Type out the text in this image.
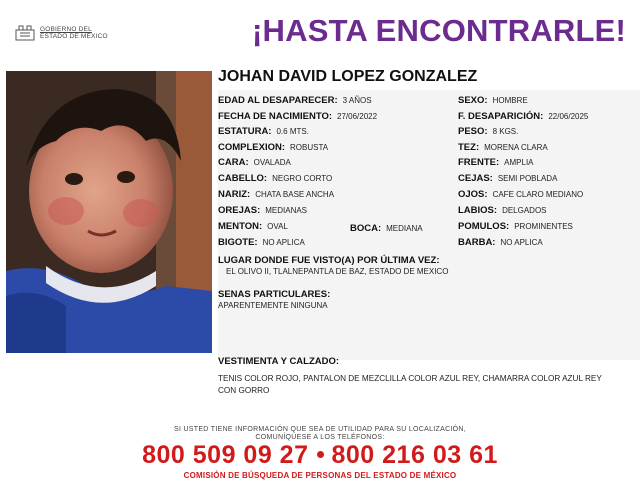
GOBIERNO DEL
ESTADO DE MÉXICO	¡HASTA ENCONTRARLE!
JOHAN DAVID LOPEZ GONZALEZ
EDAD AL DESAPARECER: 3 AÑOS	SEXO: HOMBRE
FECHA DE NACIMIENTO: 27/06/2022	F. DESAPARICIÓN: 22/06/2025
ESTATURA: 0.6 MTS.	PESO: 8 KGS.
COMPLEXION: ROBUSTA	TEZ: MORENA CLARA
CARA: OVALADA	FRENTE: AMPLIA
CABELLO: NEGRO CORTO	CEJAS: SEMI POBLADA
NARIZ: CHATA BASE ANCHA	OJOS: CAFE CLARO MEDIANO
OREJAS: MEDIANAS	LABIOS: DELGADOS
MENTON: OVAL	BOCA: MEDIANA	POMULOS: PROMINENTES
BIGOTE: NO APLICA	BARBA: NO APLICA
LUGAR DONDE FUE VISTO(A) POR ÚLTIMA VEZ:
EL OLIVO II, TLALNEPANTLA DE BAZ, ESTADO DE MEXICO
SENAS PARTICULARES:
APARENTEMENTE NINGUNA
VESTIMENTA Y CALZADO:
TENIS COLOR ROJO, PANTALON DE MEZCLILLA COLOR AZUL REY, CHAMARRA COLOR AZUL REY CON GORRO
SI USTED TIENE INFORMACIÓN QUE SEA DE UTILIDAD PARA SU LOCALIZACIÓN,
COMUNÍQUESE A LOS TELÉFONOS:
800 509 09 27 800 216 03 61
COMISIÓN DE BÚSQUEDA DE PERSONAS DEL ESTADO DE MÉXICO
